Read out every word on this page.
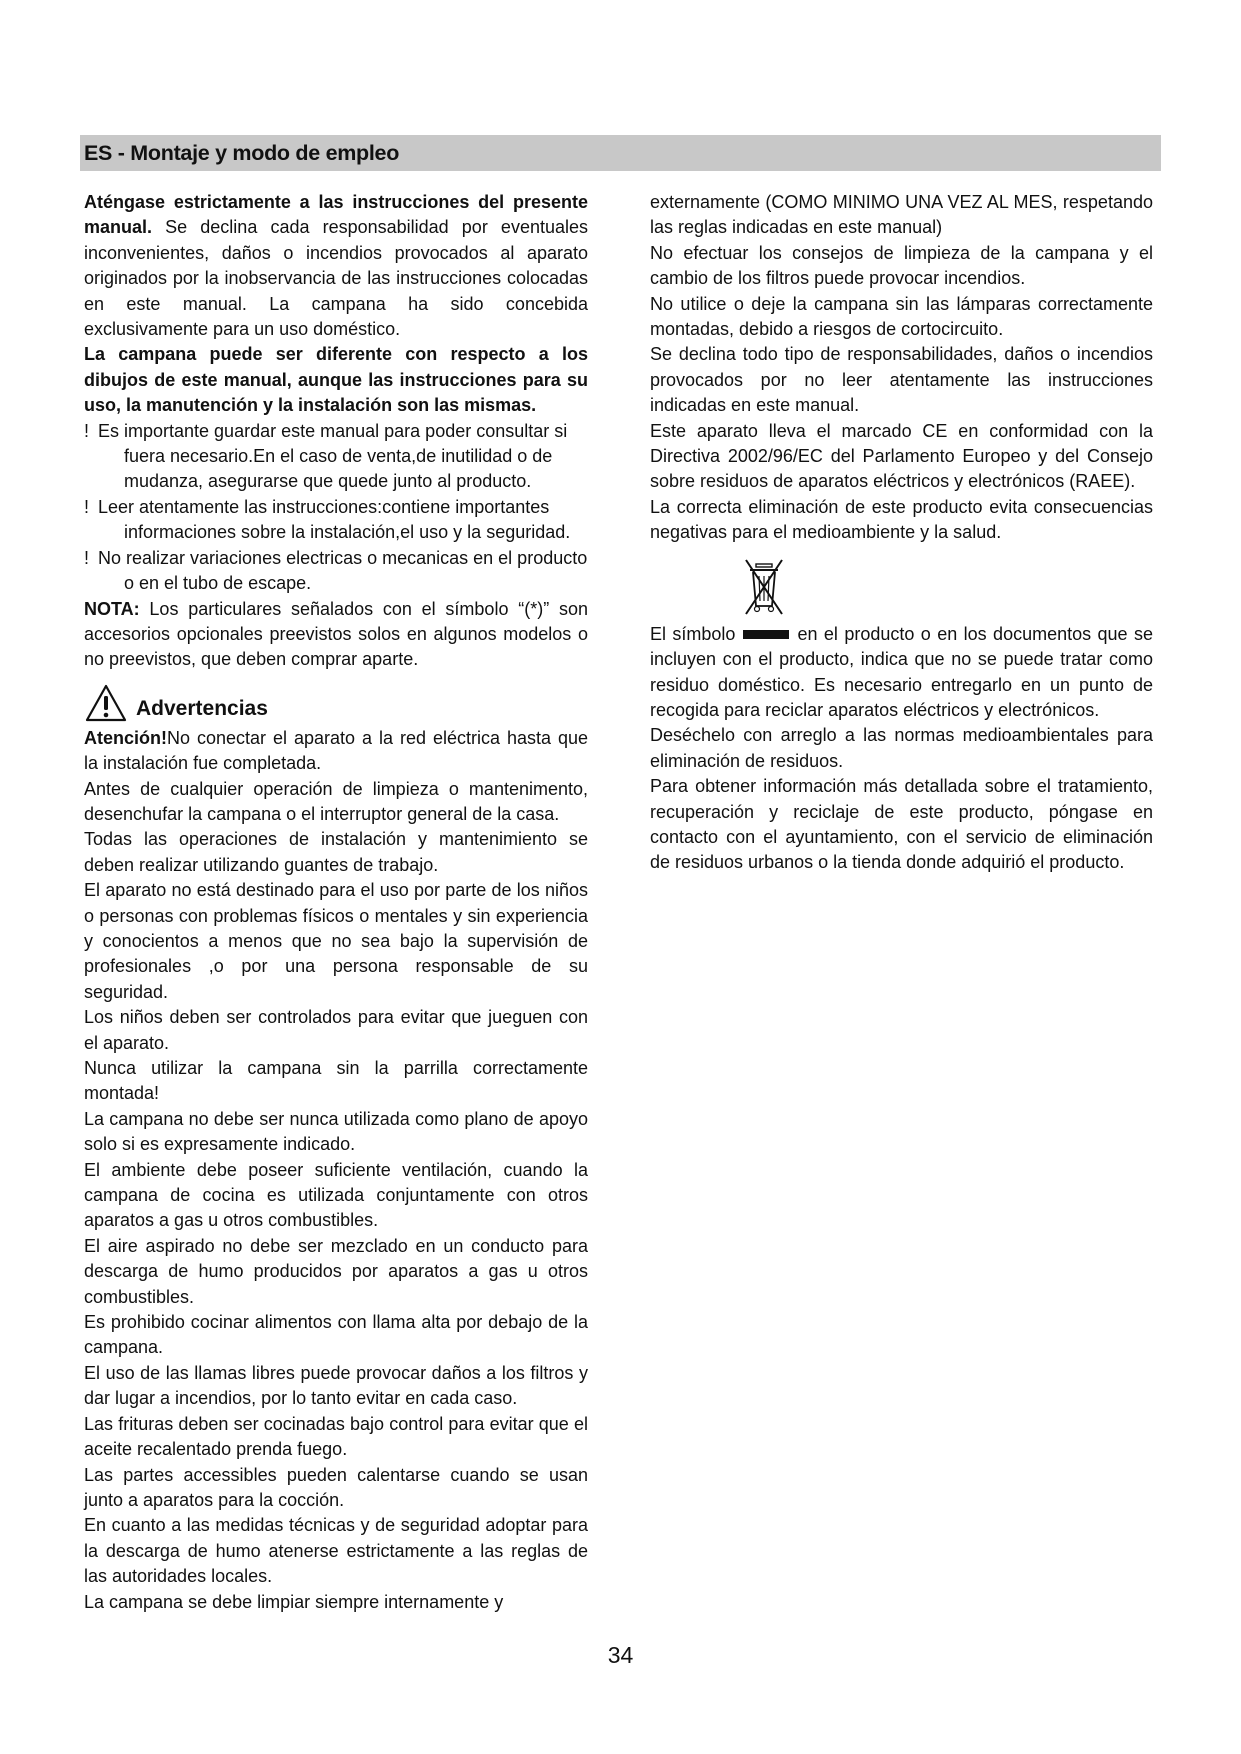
ES - Montaje y modo de empleo

Aténgase estrictamente a las instrucciones del presente manual. Se declina cada responsabilidad por eventuales inconvenientes, daños o incendios provocados al aparato originados por la inobservancia de las instrucciones colocadas en este manual. La campana ha sido concebida exclusivamente para un uso doméstico.

La campana puede ser diferente con respecto a los dibujos de este manual, aunque las instrucciones para su uso, la manutención y la instalación son las mismas.

! Es importante guardar este manual para poder consultar si fuera necesario.En el caso de venta,de inutilidad o de mudanza, asegurarse que quede junto al producto.

! Leer atentamente las instrucciones:contiene importantes informaciones sobre la instalación,el uso y la seguridad.

! No realizar variaciones electricas o mecanicas en el producto o en el tubo de escape.

NOTA: Los particulares señalados con el símbolo “(*)” son accesorios opcionales preevistos solos en algunos modelos o no preevistos, que deben comprar aparte.

Advertencias

Atención!No conectar el aparato a la red eléctrica hasta que la instalación fue completada.

Antes de cualquier operación de limpieza o mantenimento, desenchufar la campana o el interruptor general de la casa.

Todas las operaciones de instalación y mantenimiento se deben realizar utilizando guantes de trabajo.

El aparato no está destinado para el uso por parte de los niños o personas con problemas físicos o mentales y sin experiencia y conocientos a menos que no sea bajo la supervisión de profesionales ,o por una persona responsable de su seguridad.

Los niños deben ser controlados para evitar que jueguen con el aparato.

Nunca utilizar la campana sin la parrilla correctamente montada!

La campana no debe ser nunca utilizada como plano de apoyo solo si es expresamente indicado.

El ambiente debe poseer suficiente ventilación, cuando la campana de cocina es utilizada conjuntamente con otros aparatos a gas u otros combustibles.

El aire aspirado no debe ser mezclado en un conducto para descarga de humo producidos por aparatos a gas u otros combustibles.

Es prohibido cocinar alimentos con llama alta por debajo de la campana.

El uso de las llamas libres puede provocar daños a los filtros y dar lugar a incendios, por lo tanto evitar en cada caso.

Las frituras deben ser cocinadas bajo control para evitar que el aceite recalentado prenda fuego.

Las partes accessibles pueden calentarse cuando se usan junto a aparatos para la cocción.

En cuanto a las medidas técnicas y de seguridad adoptar para la descarga de humo atenerse estrictamente a las reglas de las autoridades locales.

La campana se debe limpiar siempre internamente y

externamente (COMO MINIMO UNA VEZ AL MES, respetando las reglas indicadas en este manual)

No efectuar los consejos de limpieza de la campana y el cambio de los filtros puede provocar incendios.

No utilice o deje la campana sin las lámparas correctamente montadas, debido a riesgos de cortocircuito.

Se declina todo tipo de responsabilidades, daños o incendios provocados por no leer atentamente las instrucciones indicadas en este manual.

Este aparato lleva el marcado CE en conformidad con la Directiva 2002/96/EC del Parlamento Europeo y del Consejo sobre residuos de aparatos eléctricos y electrónicos (RAEE).

La correcta eliminación de este producto evita consecuencias negativas para el medioambiente y la salud.

El símbolo	en el producto o en los documentos que se incluyen con el producto, indica que no se puede tratar como residuo doméstico. Es necesario entregarlo en un punto de recogida para reciclar aparatos eléctricos y electrónicos.

Deséchelo con arreglo a las normas medioambientales para eliminación de residuos.

Para obtener información más detallada sobre el tratamiento, recuperación y reciclaje de este producto, póngase en contacto con el ayuntamiento, con el servicio de eliminación de residuos urbanos o la tienda donde adquirió el producto.

34
